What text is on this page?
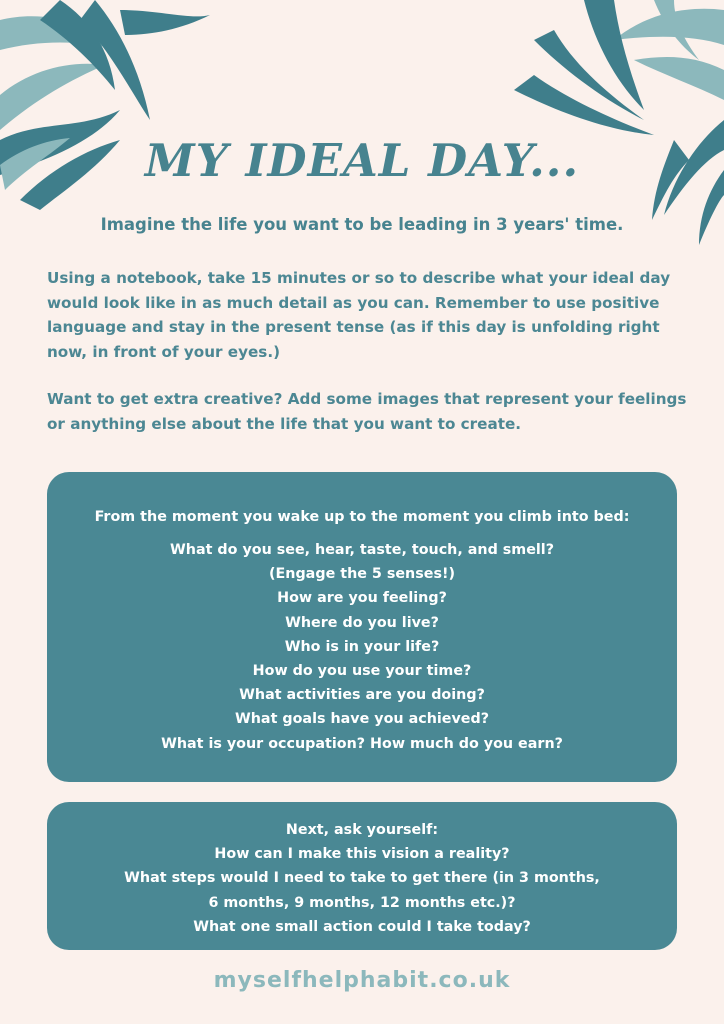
MY IDEAL DAY...
Imagine the life you want to be leading in 3 years' time.
Using a notebook, take 15 minutes or so to describe what your ideal day
would look like in as much detail as you can. Remember to use positive
language and stay in the present tense (as if this day is unfolding right
now, in front of your eyes.)
Want to get extra creative? Add some images that represent your feelings
or anything else about the life that you want to create.
From the moment you wake up to the moment you climb into bed:
What do you see, hear, taste, touch, and smell?
(Engage the 5 senses!)
How are you feeling?
Where do you live?
Who is in your life?
How do you use your time?
What activities are you doing?
What goals have you achieved?
What is your occupation? How much do you earn?
Next, ask yourself:
How can I make this vision a reality?
What steps would I need to take to get there (in 3 months,
6 months, 9 months, 12 months etc.)?
What one small action could I take today?
myselfhelphabit.co.uk
